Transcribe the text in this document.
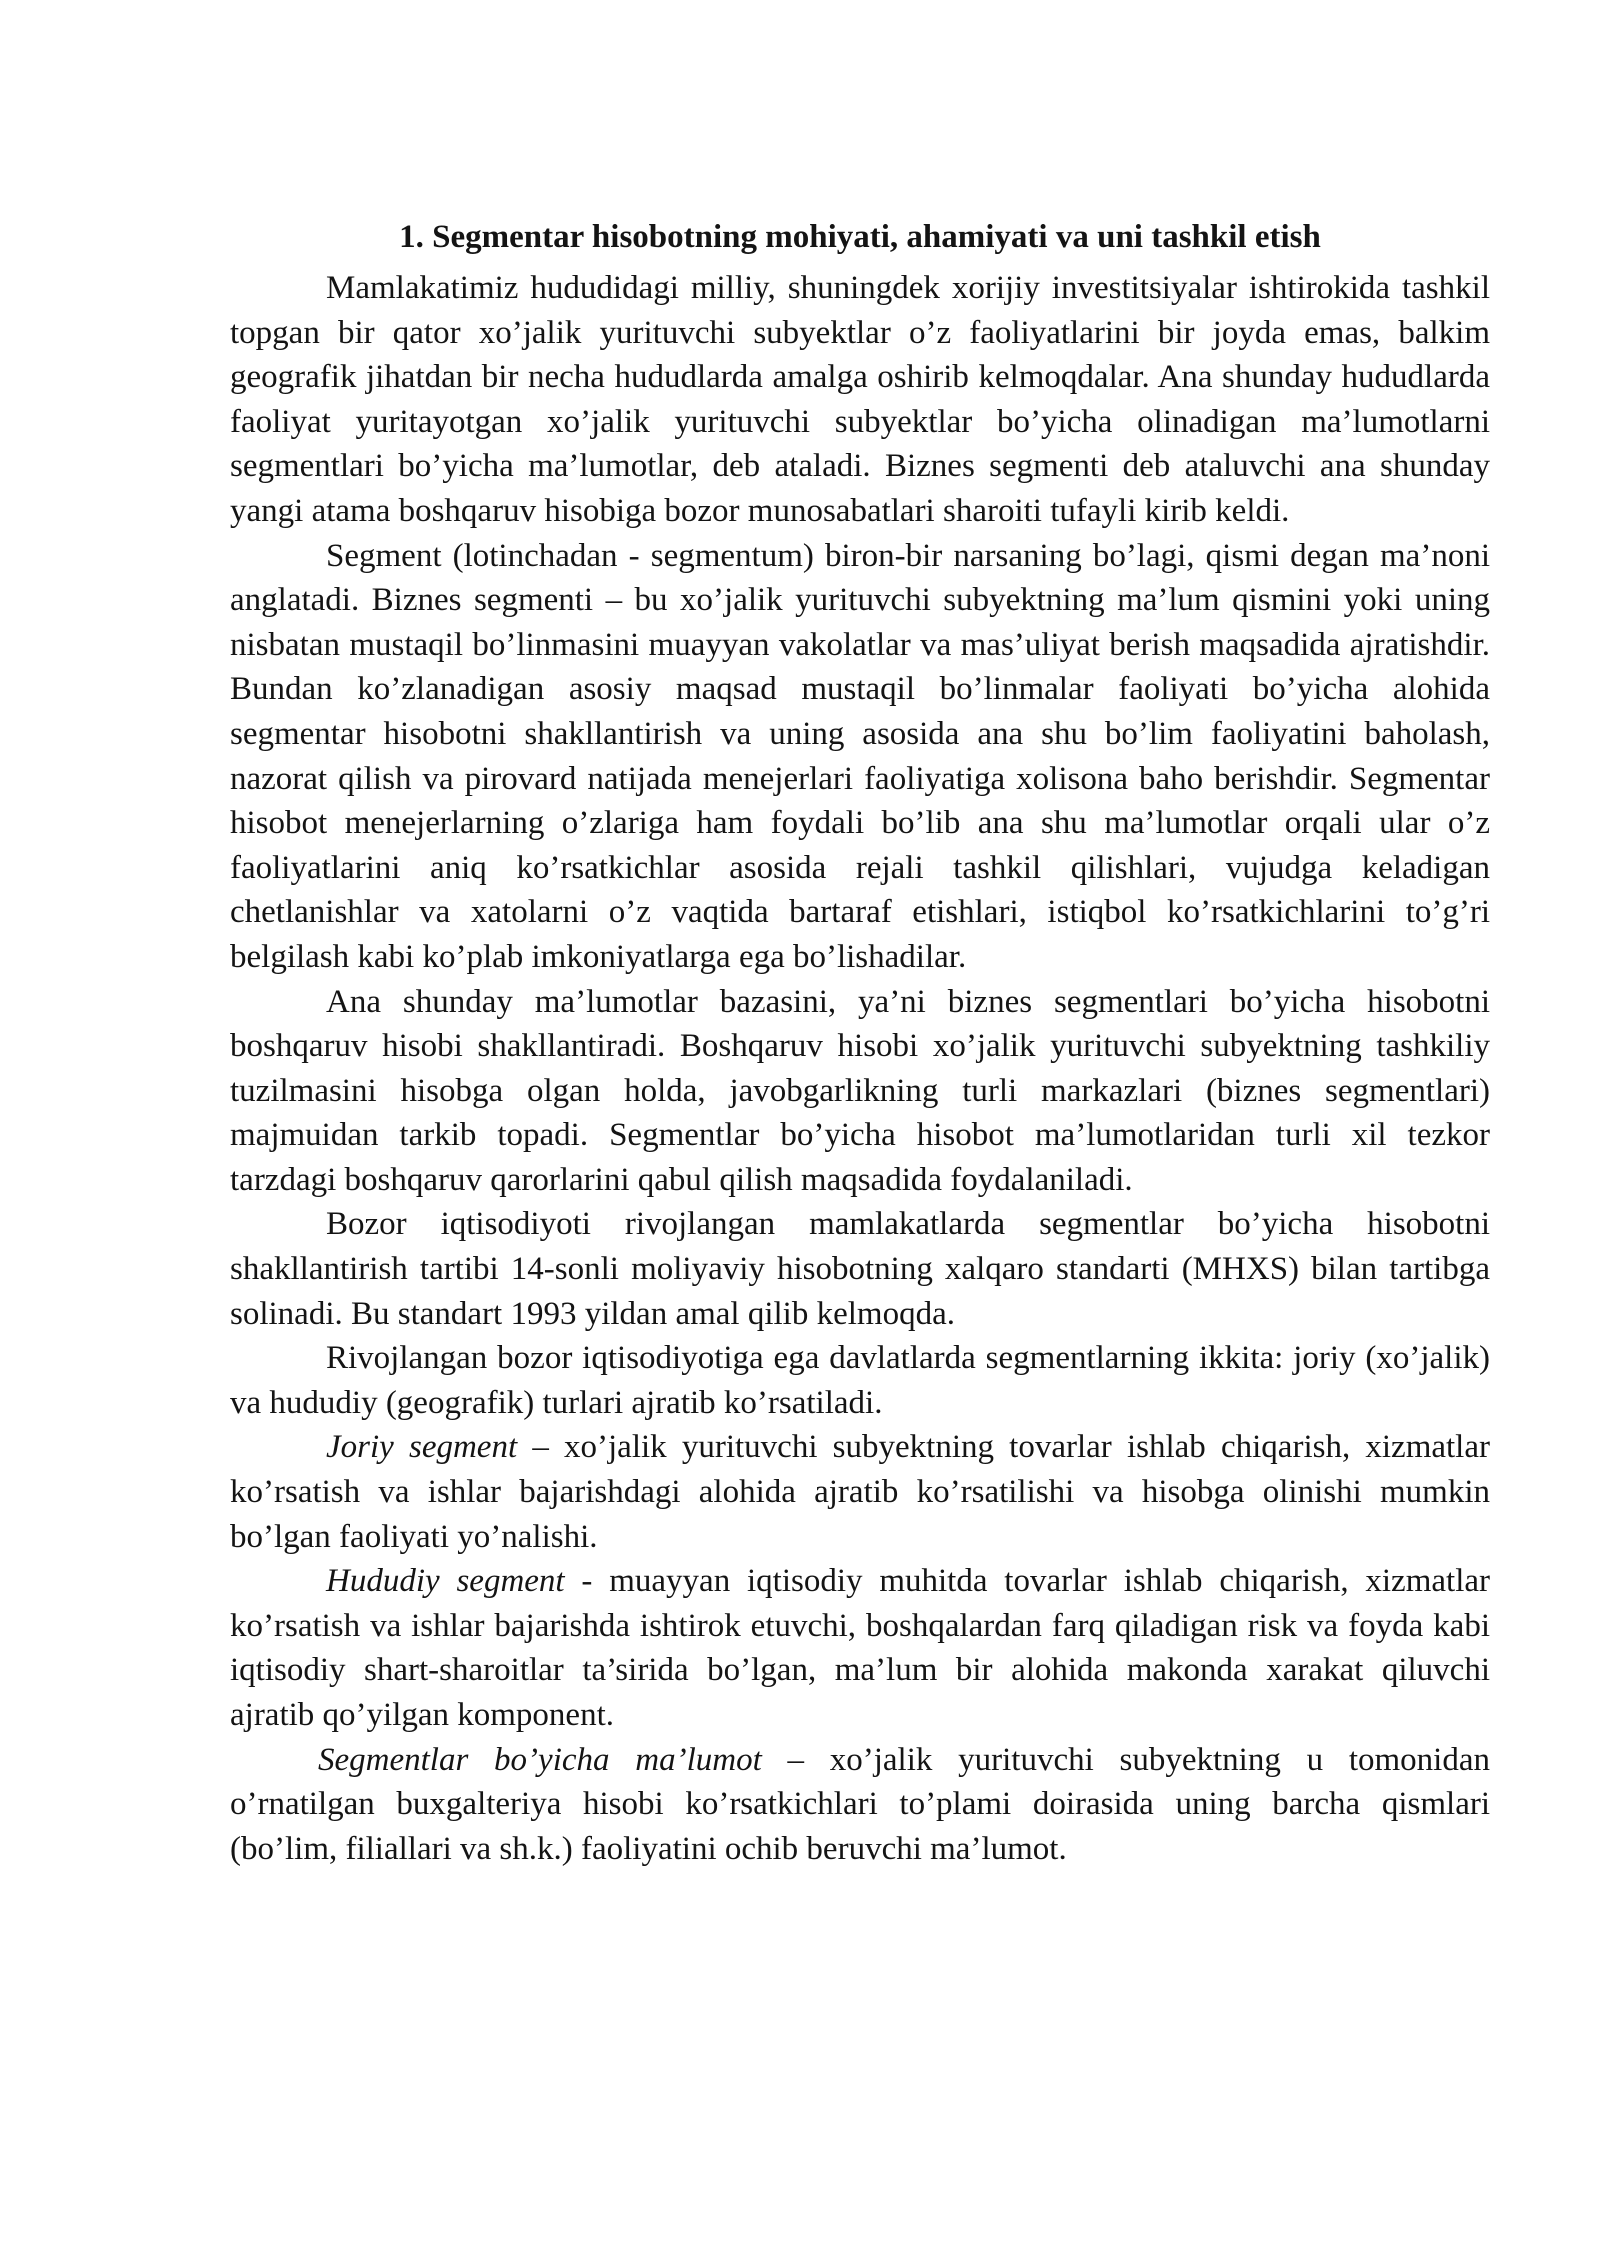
1. Segmentar hisobotning mohiyati, ahamiyati va uni tashkil etish

Mamlakatimiz hududidagi milliy, shuningdek xorijiy investitsiyalar ishtirokida tashkil topgan bir qator xo’jalik yurituvchi subyektlar o’z faoliyatlarini bir joyda emas, balkim geografik jihatdan bir necha hududlarda amalga oshirib kelmoqdalar. Ana shunday hududlarda faoliyat yuritayotgan xo’jalik yurituvchi subyektlar bo’yicha olinadigan ma’lumotlarni segmentlari bo’yicha ma’lumotlar, deb ataladi. Biznes segmenti deb ataluvchi ana shunday yangi atama boshqaruv hisobiga bozor munosabatlari sharoiti tufayli kirib keldi.

Segment (lotinchadan - segmentum) biron-bir narsaning bo’lagi, qismi degan ma’noni anglatadi. Biznes segmenti – bu xo’jalik yurituvchi subyektning ma’lum qismini yoki uning nisbatan mustaqil bo’linmasini muayyan vakolatlar va mas’uliyat berish maqsadida ajratishdir. Bundan ko’zlanadigan asosiy maqsad mustaqil bo’linmalar faoliyati bo’yicha alohida segmentar hisobotni shakllantirish va uning asosida ana shu bo’lim faoliyatini baholash, nazorat qilish va pirovard natijada menejerlari faoliyatiga xolisona baho berishdir. Segmentar hisobot menejerlarning o’zlariga ham foydali bo’lib ana shu ma’lumotlar orqali ular o’z faoliyatlarini aniq ko’rsatkichlar asosida rejali tashkil qilishlari, vujudga keladigan chetlanishlar va xatolarni o’z vaqtida bartaraf etishlari, istiqbol ko’rsatkichlarini to’g’ri belgilash kabi ko’plab imkoniyatlarga ega bo’lishadilar.

Ana shunday ma’lumotlar bazasini, ya’ni biznes segmentlari bo’yicha hisobotni boshqaruv hisobi shakllantiradi. Boshqaruv hisobi xo’jalik yurituvchi subyektning tashkiliy tuzilmasini hisobga olgan holda, javobgarlikning turli markazlari (biznes segmentlari) majmuidan tarkib topadi. Segmentlar bo’yicha hisobot ma’lumotlaridan turli xil tezkor tarzdagi boshqaruv qarorlarini qabul qilish maqsadida foydalaniladi.

Bozor iqtisodiyoti rivojlangan mamlakatlarda segmentlar bo’yicha hisobotni shakllantirish tartibi 14-sonli moliyaviy hisobotning xalqaro standarti (MHXS) bilan tartibga solinadi. Bu standart 1993 yildan amal qilib kelmoqda.

Rivojlangan bozor iqtisodiyotiga ega davlatlarda segmentlarning ikkita: joriy (xo’jalik) va hududiy (geografik) turlari ajratib ko’rsatiladi.

Joriy segment – xo’jalik yurituvchi subyektning tovarlar ishlab chiqarish, xizmatlar ko’rsatish va ishlar bajarishdagi alohida ajratib ko’rsatilishi va hisobga olinishi mumkin bo’lgan faoliyati yo’nalishi.

Hududiy segment - muayyan iqtisodiy muhitda tovarlar ishlab chiqarish, xizmatlar ko’rsatish va ishlar bajarishda ishtirok etuvchi, boshqalardan farq qiladigan risk va foyda kabi iqtisodiy shart-sharoitlar ta’sirida bo’lgan, ma’lum bir alohida makonda xarakat qiluvchi ajratib qo’yilgan komponent.

Segmentlar bo’yicha ma’lumot – xo’jalik yurituvchi subyektning u tomonidan o’rnatilgan buxgalteriya hisobi ko’rsatkichlari to’plami doirasida uning barcha qismlari (bo’lim, filiallari va sh.k.) faoliyatini ochib beruvchi ma’lumot.
